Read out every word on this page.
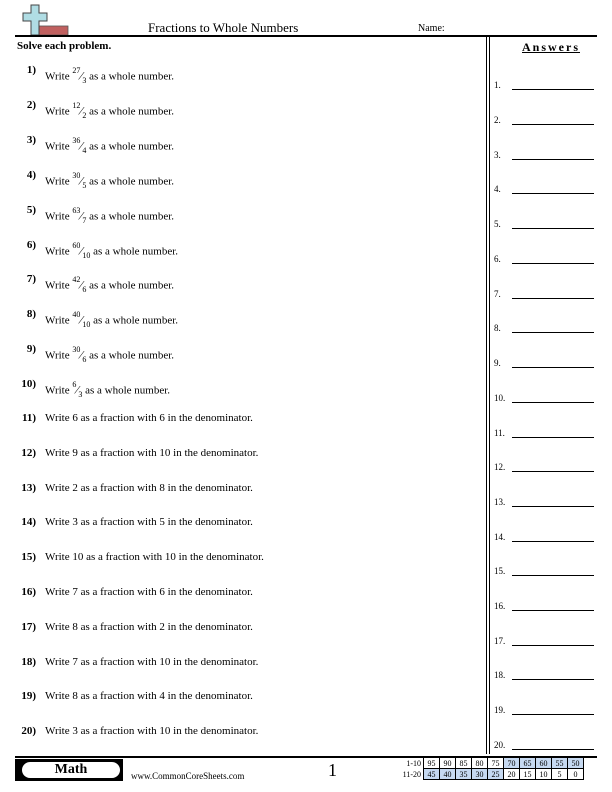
Fractions to Whole Numbers	Name:
Solve each problem.	Answers
1)
Write $^{27}⁄_3$ as a whole number.
2)
Write $^{12}⁄_2$ as a whole number.
3)
Write $^{36}⁄_4$ as a whole number.
4)
Write $^{30}⁄_5$ as a whole number.
5)
Write $^{63}⁄_7$ as a whole number.
6)
Write $^{60}⁄_{10}$ as a whole number.
7)
Write $^{42}⁄_6$ as a whole number.
8)
Write $^{40}⁄_{10}$ as a whole number.
9)
Write $^{30}⁄_6$ as a whole number.
10)
Write $^6⁄_3$ as a whole number.
11) Write 6 as a fraction with 6 in the denominator.
12) Write 9 as a fraction with 10 in the denominator.
13) Write 2 as a fraction with 8 in the denominator.
14) Write 3 as a fraction with 5 in the denominator.
15) Write 10 as a fraction with 10 in the denominator.
16) Write 7 as a fraction with 6 in the denominator.
17) Write 8 as a fraction with 2 in the denominator.
18) Write 7 as a fraction with 10 in the denominator.
19) Write 8 as a fraction with 4 in the denominator.
20) Write 3 as a fraction with 10 in the denominator.
1.
2.
3.
4.
5.
6.
7.
8.
9.
10.
11.
12.
13.
14.
15.
16.
17.
18.
19.
20.
Math	www.CommonCoreSheets.com	1	1-10	95	90	85	80	75	70	65	60	55	50
11-20	45	40	35	30	25	20	15	10	5	0
